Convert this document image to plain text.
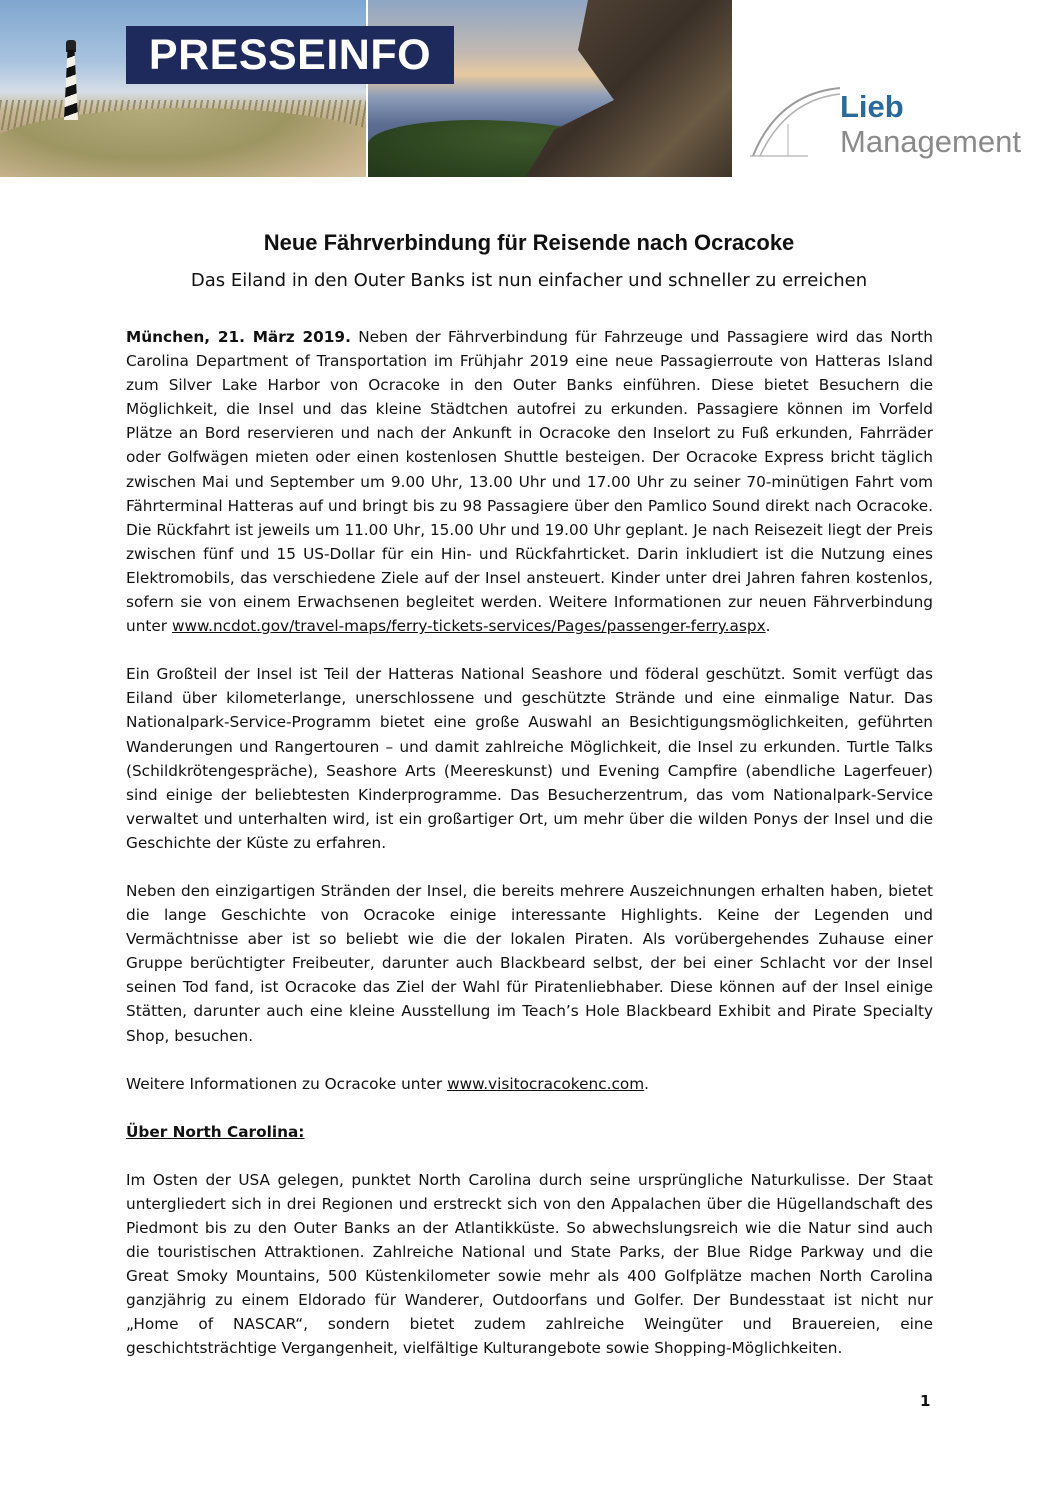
PRESSEINFO
Lieb
Management
Neue Fährverbindung für Reisende nach Ocracoke
Das Eiland in den Outer Banks ist nun einfacher und schneller zu erreichen

München, 21. März 2019. Neben der Fährverbindung für Fahrzeuge und Passagiere wird das North Carolina Department of Transportation im Frühjahr 2019 eine neue Passagierroute von Hatteras Island zum Silver Lake Harbor von Ocracoke in den Outer Banks einführen. Diese bietet Besuchern die Möglichkeit, die Insel und das kleine Städtchen autofrei zu erkunden. Passagiere können im Vorfeld Plätze an Bord reservieren und nach der Ankunft in Ocracoke den Inselort zu Fuß erkunden, Fahrräder oder Golfwägen mieten oder einen kostenlosen Shuttle besteigen. Der Ocracoke Express bricht täglich zwischen Mai und September um 9.00 Uhr, 13.00 Uhr und 17.00 Uhr zu seiner 70-minütigen Fahrt vom Fährterminal Hatteras auf und bringt bis zu 98 Passagiere über den Pamlico Sound direkt nach Ocracoke. Die Rückfahrt ist jeweils um 11.00 Uhr, 15.00 Uhr und 19.00 Uhr geplant. Je nach Reisezeit liegt der Preis zwischen fünf und 15 US-Dollar für ein Hin- und Rückfahrticket. Darin inkludiert ist die Nutzung eines Elektromobils, das verschiedene Ziele auf der Insel ansteuert. Kinder unter drei Jahren fahren kostenlos, sofern sie von einem Erwachsenen begleitet werden. Weitere Informationen zur neuen Fährverbindung unter www.ncdot.gov/travel-maps/ferry-tickets-services/Pages/passenger-ferry.aspx.

Ein Großteil der Insel ist Teil der Hatteras National Seashore und föderal geschützt. Somit verfügt das Eiland über kilometerlange, unerschlossene und geschützte Strände und eine einmalige Natur. Das Nationalpark-Service-Programm bietet eine große Auswahl an Besichtigungsmöglichkeiten, geführten Wanderungen und Rangertouren – und damit zahlreiche Möglichkeit, die Insel zu erkunden. Turtle Talks (Schildkrötengespräche), Seashore Arts (Meereskunst) und Evening Campfire (abendliche Lagerfeuer) sind einige der beliebtesten Kinderprogramme. Das Besucherzentrum, das vom Nationalpark-Service verwaltet und unterhalten wird, ist ein großartiger Ort, um mehr über die wilden Ponys der Insel und die Geschichte der Küste zu erfahren.

Neben den einzigartigen Stränden der Insel, die bereits mehrere Auszeichnungen erhalten haben, bietet die lange Geschichte von Ocracoke einige interessante Highlights. Keine der Legenden und Vermächtnisse aber ist so beliebt wie die der lokalen Piraten. Als vorübergehendes Zuhause einer Gruppe berüchtigter Freibeuter, darunter auch Blackbeard selbst, der bei einer Schlacht vor der Insel seinen Tod fand, ist Ocracoke das Ziel der Wahl für Piratenliebhaber. Diese können auf der Insel einige Stätten, darunter auch eine kleine Ausstellung im Teach’s Hole Blackbeard Exhibit and Pirate Specialty Shop, besuchen.

Weitere Informationen zu Ocracoke unter www.visitocracokenc.com.

Über North Carolina:

Im Osten der USA gelegen, punktet North Carolina durch seine ursprüngliche Naturkulisse. Der Staat untergliedert sich in drei Regionen und erstreckt sich von den Appalachen über die Hügellandschaft des Piedmont bis zu den Outer Banks an der Atlantikküste. So abwechslungsreich wie die Natur sind auch die touristischen Attraktionen. Zahlreiche National und State Parks, der Blue Ridge Parkway und die Great Smoky Mountains, 500 Küstenkilometer sowie mehr als 400 Golfplätze machen North Carolina ganzjährig zu einem Eldorado für Wanderer, Outdoorfans und Golfer. Der Bundesstaat ist nicht nur „Home of NASCAR“, sondern bietet zudem zahlreiche Weingüter und Brauereien, eine geschichtsträchtige Vergangenheit, vielfältige Kulturangebote sowie Shopping-Möglichkeiten.

1
